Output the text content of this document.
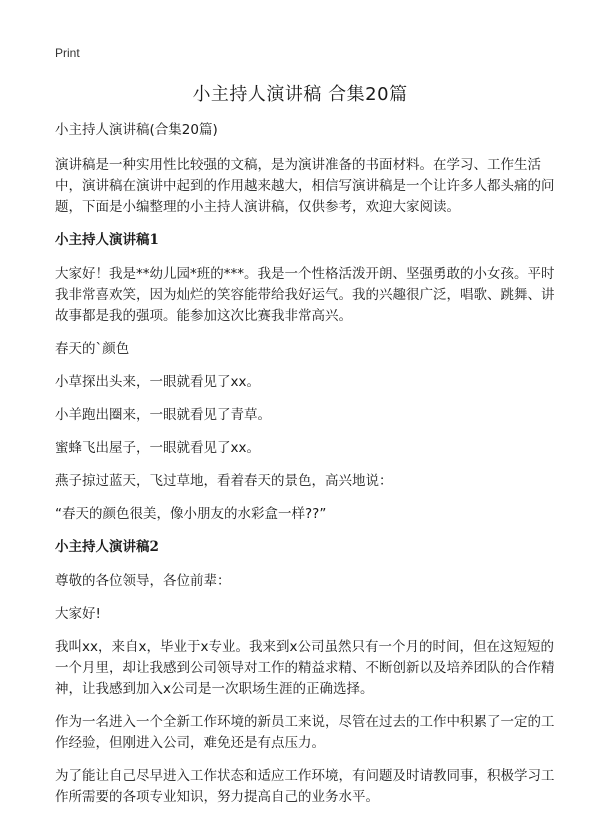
Print
小主持人演讲稿 合集20篇

小主持人演讲稿(合集20篇)

演讲稿是一种实用性比较强的文稿，是为演讲准备的书面材料。在学习、工作生活中，演讲稿在演讲中起到的作用越来越大，相信写演讲稿是一个让许多人都头痛的问题，下面是小编整理的小主持人演讲稿，仅供参考，欢迎大家阅读。

小主持人演讲稿1

大家好！我是**幼儿园*班的***。我是一个性格活泼开朗、坚强勇敢的小女孩。平时我非常喜欢笑，因为灿烂的笑容能带给我好运气。我的兴趣很广泛，唱歌、跳舞、讲故事都是我的强项。能参加这次比赛我非常高兴。

春天的`颜色

小草探出头来，一眼就看见了xx。

小羊跑出圈来，一眼就看见了青草。

蜜蜂飞出屋子，一眼就看见了xx。

燕子掠过蓝天，飞过草地，看着春天的景色，高兴地说：

“春天的颜色很美，像小朋友的水彩盒一样??”

小主持人演讲稿2

尊敬的各位领导，各位前辈：

大家好!

我叫xx，来自x，毕业于x专业。我来到x公司虽然只有一个月的时间，但在这短短的一个月里，却让我感到公司领导对工作的精益求精、不断创新以及培养团队的合作精神，让我感到加入x公司是一次职场生涯的正确选择。

作为一名进入一个全新工作环境的新员工来说，尽管在过去的工作中积累了一定的工作经验，但刚进入公司，难免还是有点压力。

为了能让自己尽早进入工作状态和适应工作环境，有问题及时请教同事，积极学习工作所需要的各项专业知识，努力提高自己的业务水平。
